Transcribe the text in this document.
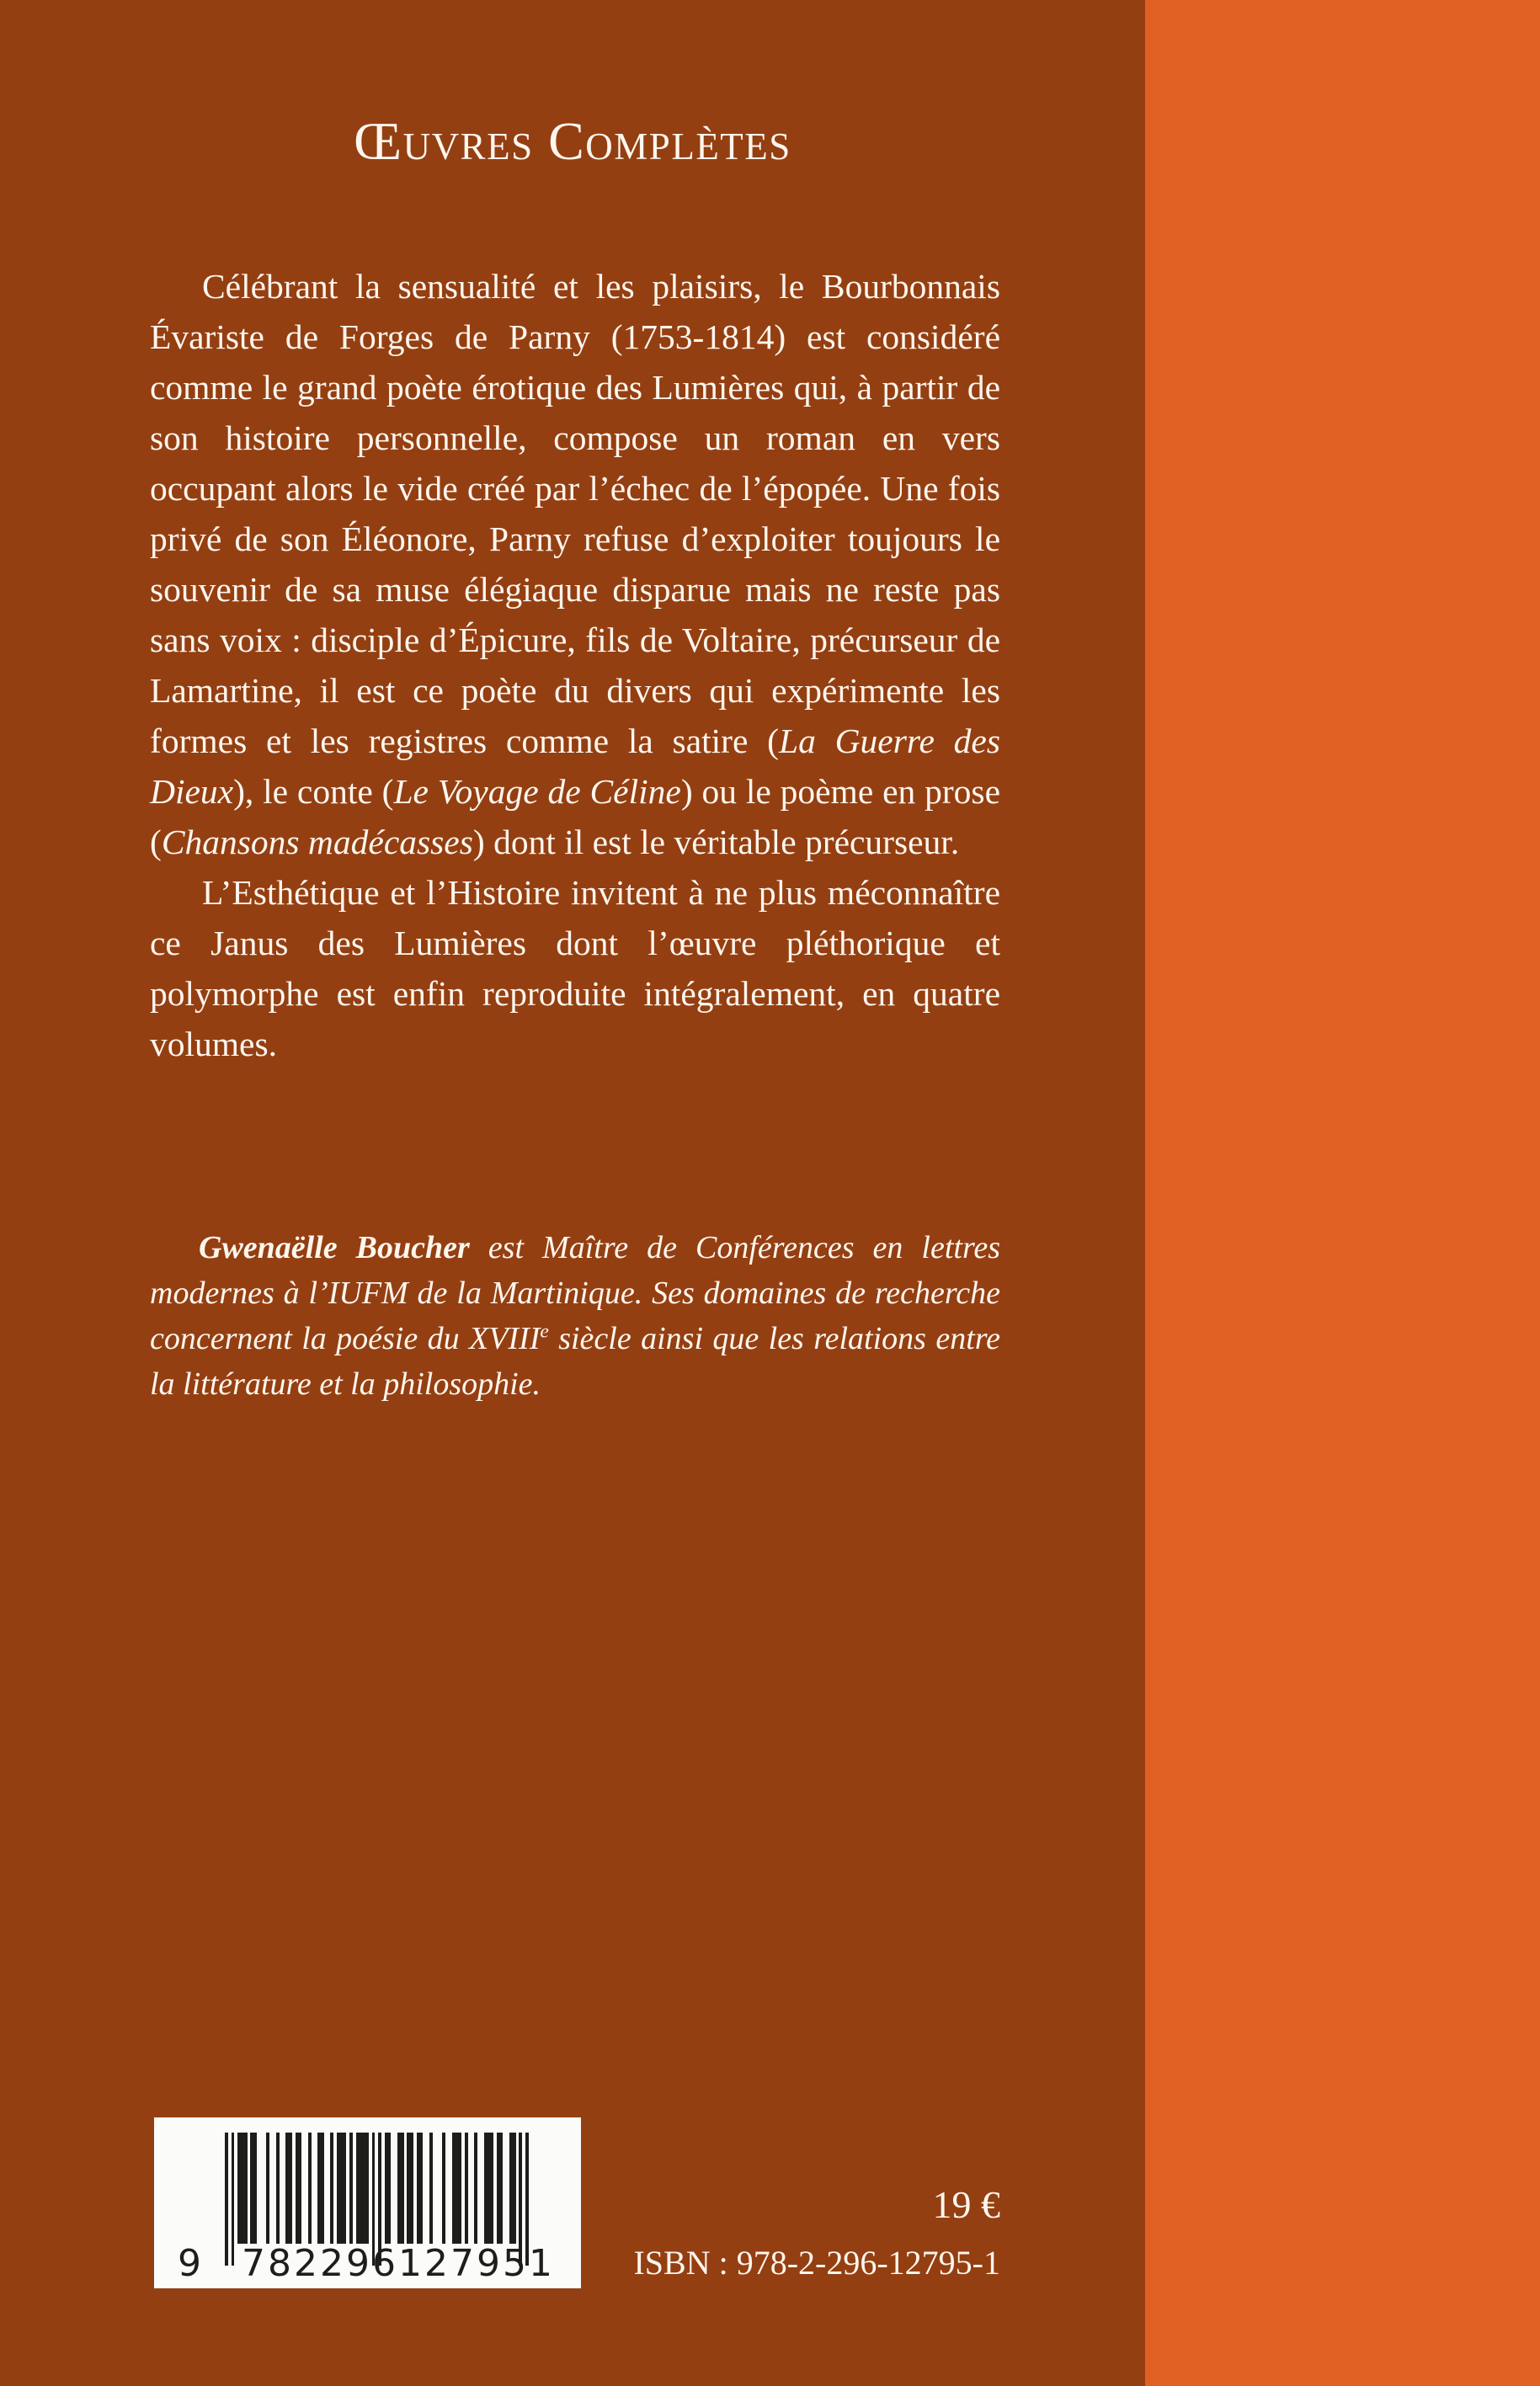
Œuvres Complètes

Célébrant la sensualité et les plaisirs, le Bourbonnais Évariste de Forges de Parny (1753-1814) est considéré comme le grand poète érotique des Lumières qui, à partir de son histoire personnelle, compose un roman en vers occupant alors le vide créé par l’échec de l’épopée. Une fois privé de son Éléonore, Parny refuse d’exploiter toujours le souvenir de sa muse élégiaque disparue mais ne reste pas sans voix : disciple d’Épicure, fils de Voltaire, précurseur de Lamartine, il est ce poète du divers qui expérimente les formes et les registres comme la satire (La Guerre des Dieux), le conte (Le Voyage de Céline) ou le poème en prose (Chansons madécasses) dont il est le véritable précurseur.

L’Esthétique et l’Histoire invitent à ne plus méconnaître ce Janus des Lumières dont l’œuvre pléthorique et polymorphe est enfin reproduite intégralement, en quatre volumes.

Gwenaëlle Boucher est Maître de Conférences en lettres modernes à l’IUFM de la Martinique. Ses domaines de recherche concernent la poésie du XVIIIe siècle ainsi que les relations entre la littérature et la philosophie.

9 782296 127951
19 €
ISBN : 978-2-296-12795-1
